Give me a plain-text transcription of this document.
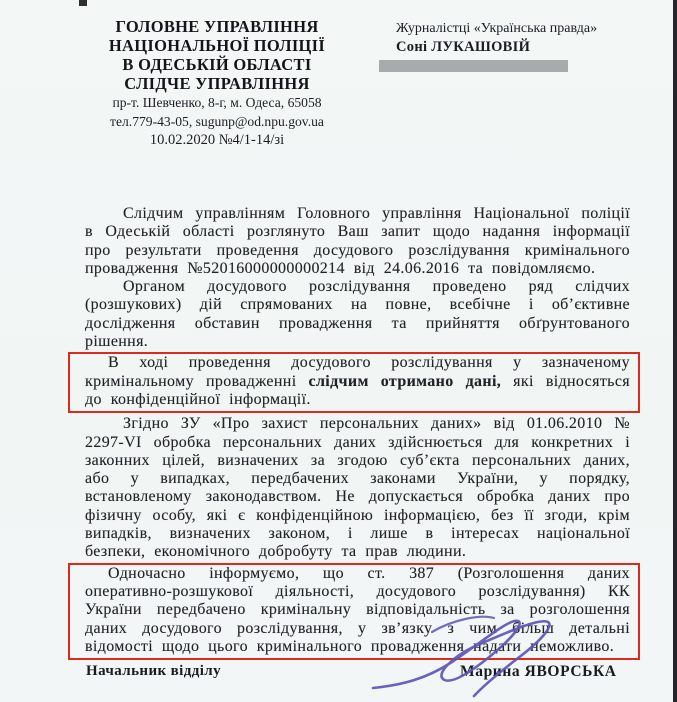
ГОЛОВНЕ УПРАВЛІННЯ
НАЦІОНАЛЬНОЇ ПОЛІЦІЇ
В ОДЕСЬКІЙ ОБЛАСТІ
СЛІДЧЕ УПРАВЛІННЯ
пр-т. Шевченко, 8-г, м. Одеса, 65058
тел.779-43-05, sugunp@od.npu.gov.ua
10.02.2020 №4/1-14/зі
Журналістці «Українська правда»
Соні ЛУКАШОВІЙ

Слідчим управлінням Головного управління Національної поліції в Одеській області розглянуто Ваш запит щодо надання інформації про результати проведення досудового розслідування кримінального провадження №52016000000000214 від 24.06.2016 та повідомляємо.

Органом досудового розслідування проведено ряд слідчих (розшукових) дій спрямованих на повне, всебічне і об’єктивне дослідження обставин провадження та прийняття обґрунтованого рішення.

В ході проведення досудового розслідування у зазначеному кримінальному провадженні слідчим отримано дані, які відносяться до конфіденційної інформації.

Згідно ЗУ «Про захист персональних даних» від 01.06.2010 № 2297-VI обробка персональних даних здійснюється для конкретних і законних цілей, визначених за згодою суб’єкта персональних даних, або у випадках, передбачених законами України, у порядку, встановленому законодавством. Не допускається обробка даних про фізичну особу, які є конфіденційною інформацією, без її згоди, крім випадків, визначених законом, і лише в інтересах національної безпеки, економічного добробуту та прав людини.

Одночасно інформуємо, що ст. 387 (Розголошення даних оперативно-розшукової діяльності, досудового розслідування) КК України передбачено кримінальну відповідальність за розголошення даних досудового розслідування, у зв’язку з чим більш детальні відомості щодо цього кримінального провадження надати неможливо.

Начальник відділу	Марина ЯВОРСЬКА
